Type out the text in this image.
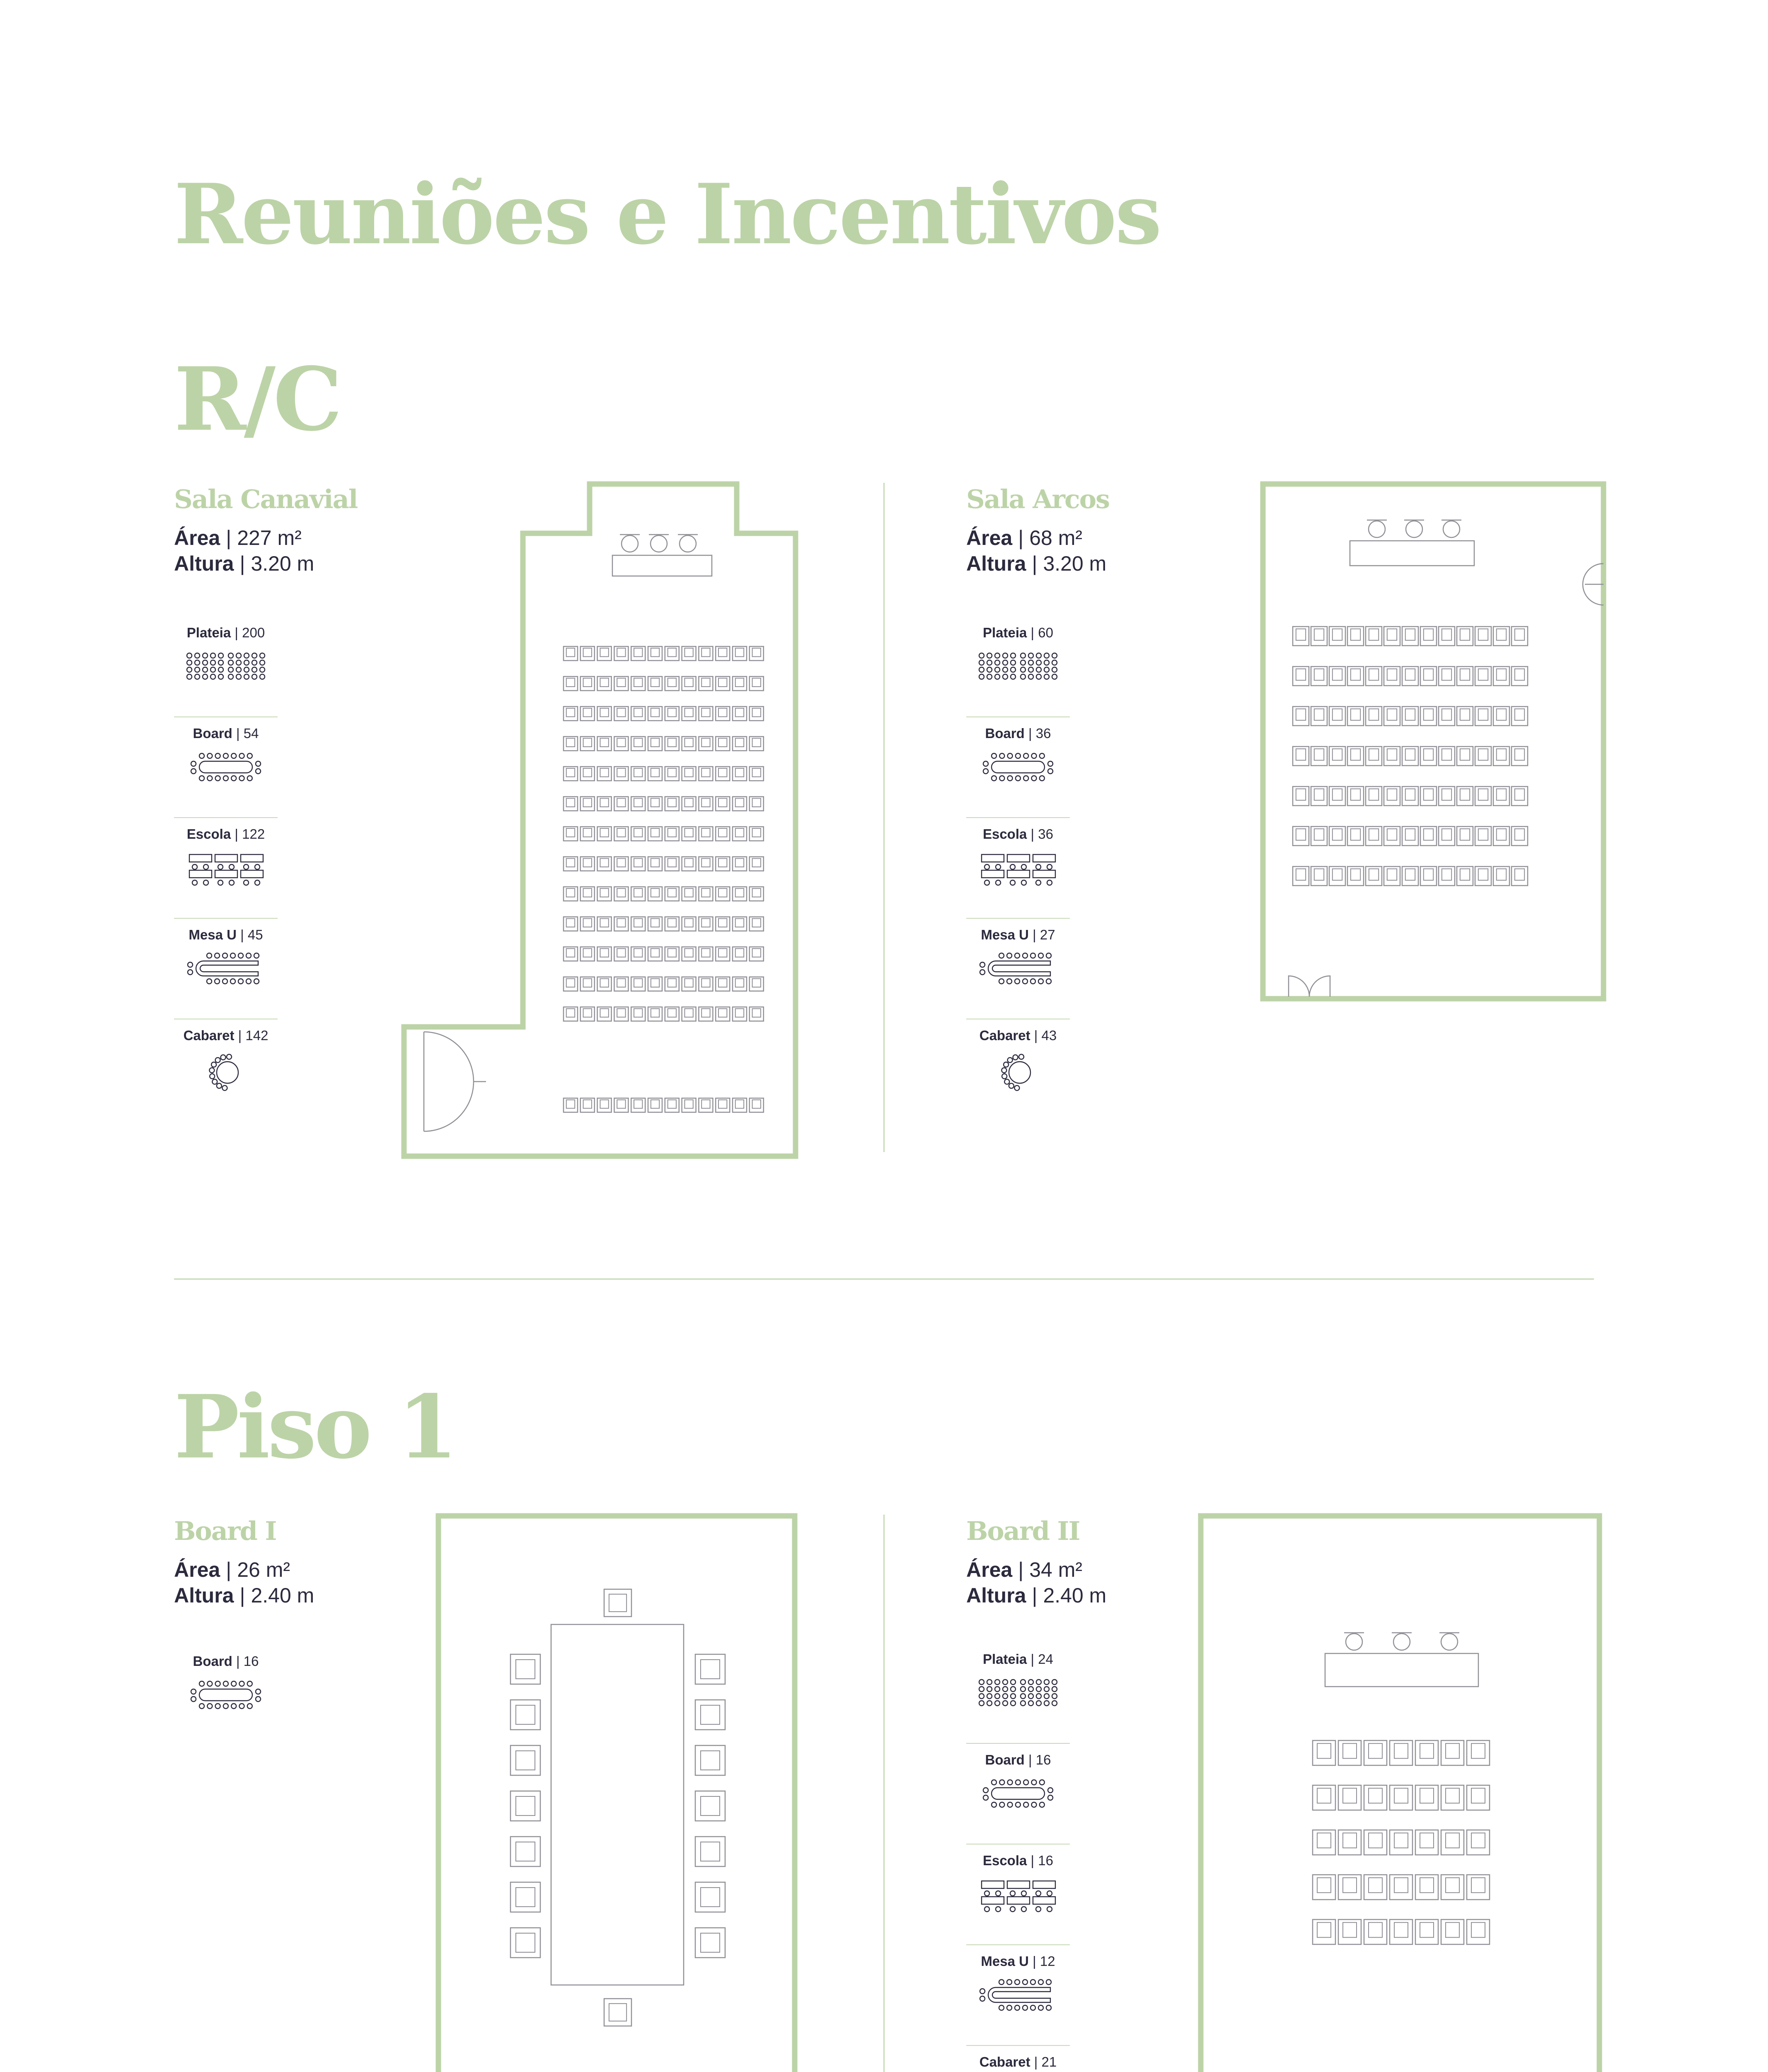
Reuniões e Incentivos
R/C
Sala Canavial
Área | 227 m²
Altura | 3.20 m
Plateia | 200
Board | 54
Escola | 122
Mesa U | 45
Cabaret | 142
Sala Arcos
Área | 68 m²
Altura | 3.20 m
Plateia | 60
Board | 36
Escola | 36
Mesa U | 27
Cabaret | 43
Piso 1
Board I
Área | 26 m²
Altura | 2.40 m
Board | 16
Board II
Área | 34 m²
Altura | 2.40 m
Plateia | 24
Board | 16
Escola | 16
Mesa U | 12
Cabaret | 21
